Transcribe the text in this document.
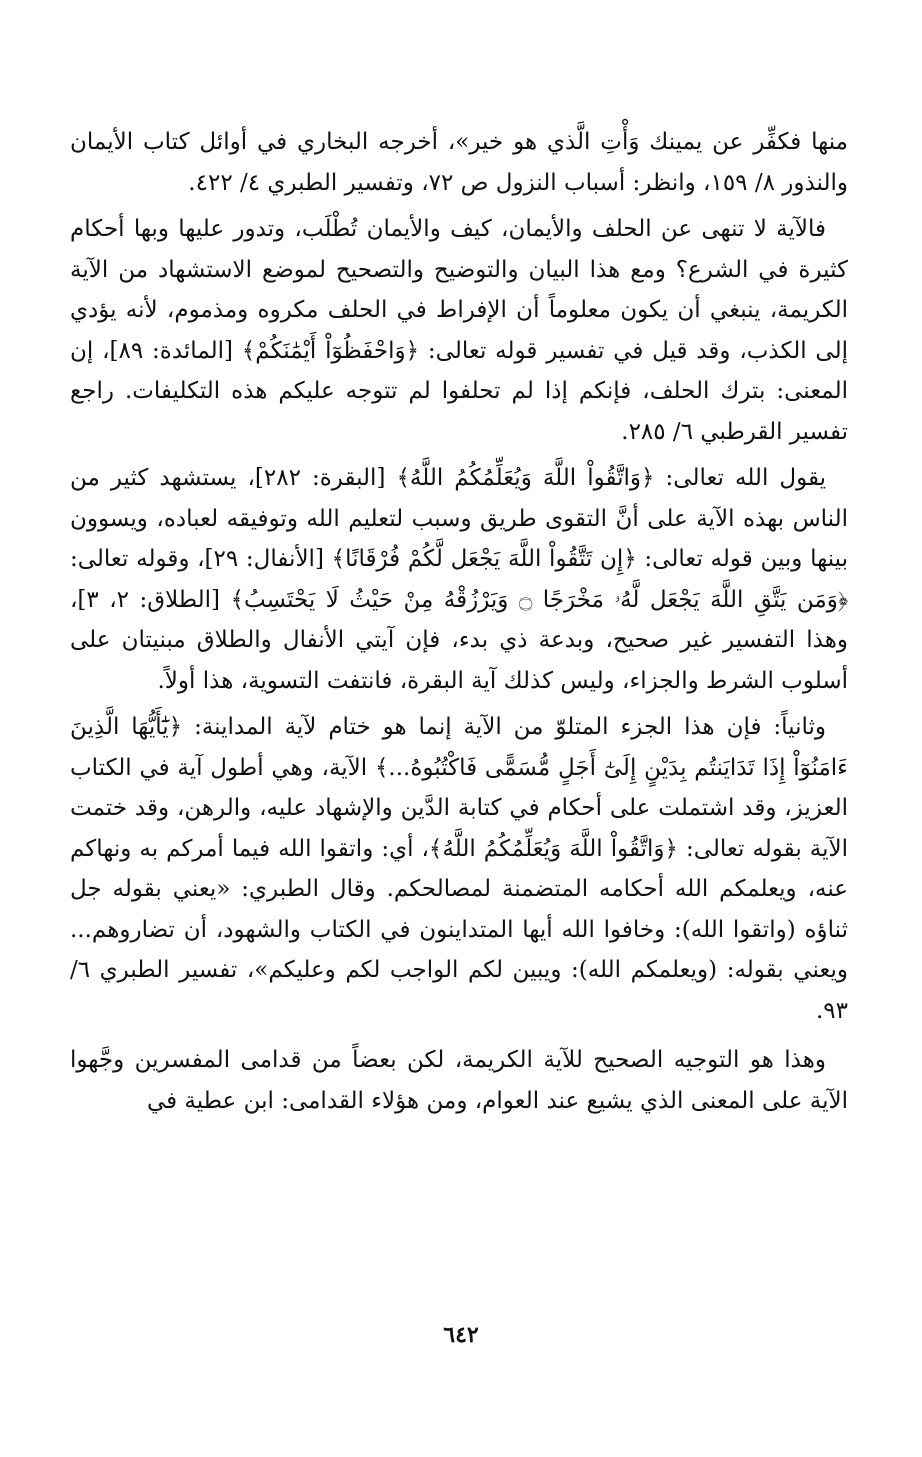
منها فكفِّر عن يمينك وَأْتِ الَّذي هو خير»، أخرجه البخاري في أوائل كتاب الأيمان والنذور ٨/ ١٥٩، وانظر: أسباب النزول ص ٧٢، وتفسير الطبري ٤/ ٤٢٢.

فالآية لا تنهى عن الحلف والأيمان، كيف والأيمان تُطْلَب، وتدور عليها وبها أحكام كثيرة في الشرع؟ ومع هذا البيان والتوضيح والتصحيح لموضع الاستشهاد من الآية الكريمة، ينبغي أن يكون معلوماً أن الإفراط في الحلف مكروه ومذموم، لأنه يؤدي إلى الكذب، وقد قيل في تفسير قوله تعالى: ﴿وَاحْفَظُوٓاْ أَيْمَٰنَكُمْ﴾ [المائدة: ٨٩]، إن المعنى: بترك الحلف، فإنكم إذا لم تحلفوا لم تتوجه عليكم هذه التكليفات. راجع تفسير القرطبي ٦/ ٢٨٥.

يقول الله تعالى: ﴿وَاتَّقُواْ اللَّهَ وَيُعَلِّمُكُمُ اللَّهُ﴾ [البقرة: ٢٨٢]، يستشهد كثير من الناس بهذه الآية على أنَّ التقوى طريق وسبب لتعليم الله وتوفيقه لعباده، ويسوون بينها وبين قوله تعالى: ﴿إِن تَتَّقُواْ اللَّهَ يَجْعَل لَّكُمْ فُرْقَانًا﴾ [الأنفال: ٢٩]، وقوله تعالى: ﴿وَمَن يَتَّقِ اللَّهَ يَجْعَل لَّهُۥ مَخْرَجًا ۝ وَيَرْزُقْهُ مِنْ حَيْثُ لَا يَحْتَسِبُ﴾ [الطلاق: ٢، ٣]، وهذا التفسير غير صحيح، وبدعة ذي بدء، فإن آيتي الأنفال والطلاق مبنيتان على أسلوب الشرط والجزاء، وليس كذلك آية البقرة، فانتفت التسوية، هذا أولاً.

وثانياً: فإن هذا الجزء المتلوّ من الآية إنما هو ختام لآية المداينة: ﴿يَٰٓأَيُّهَا الَّذِينَ ءَامَنُوٓاْ إِذَا تَدَايَنتُم بِدَيْنٍ إِلَىٰٓ أَجَلٍ مُّسَمًّى فَاكْتُبُوهُ...﴾ الآية، وهي أطول آية في الكتاب العزيز، وقد اشتملت على أحكام في كتابة الدَّين والإشهاد عليه، والرهن، وقد ختمت الآية بقوله تعالى: ﴿وَاتَّقُواْ اللَّهَ وَيُعَلِّمُكُمُ اللَّهُ﴾، أي: واتقوا الله فيما أمركم به ونهاكم عنه، ويعلمكم الله أحكامه المتضمنة لمصالحكم. وقال الطبري: «يعني بقوله جل ثناؤه (واتقوا الله): وخافوا الله أيها المتداينون في الكتاب والشهود، أن تضاروهم... ويعني بقوله: (ويعلمكم الله): ويبين لكم الواجب لكم وعليكم»، تفسير الطبري ٦/ ٩٣.

وهذا هو التوجيه الصحيح للآية الكريمة، لكن بعضاً من قدامى المفسرين وجَّهوا الآية على المعنى الذي يشيع عند العوام، ومن هؤلاء القدامى: ابن عطية في

٦٤٢
